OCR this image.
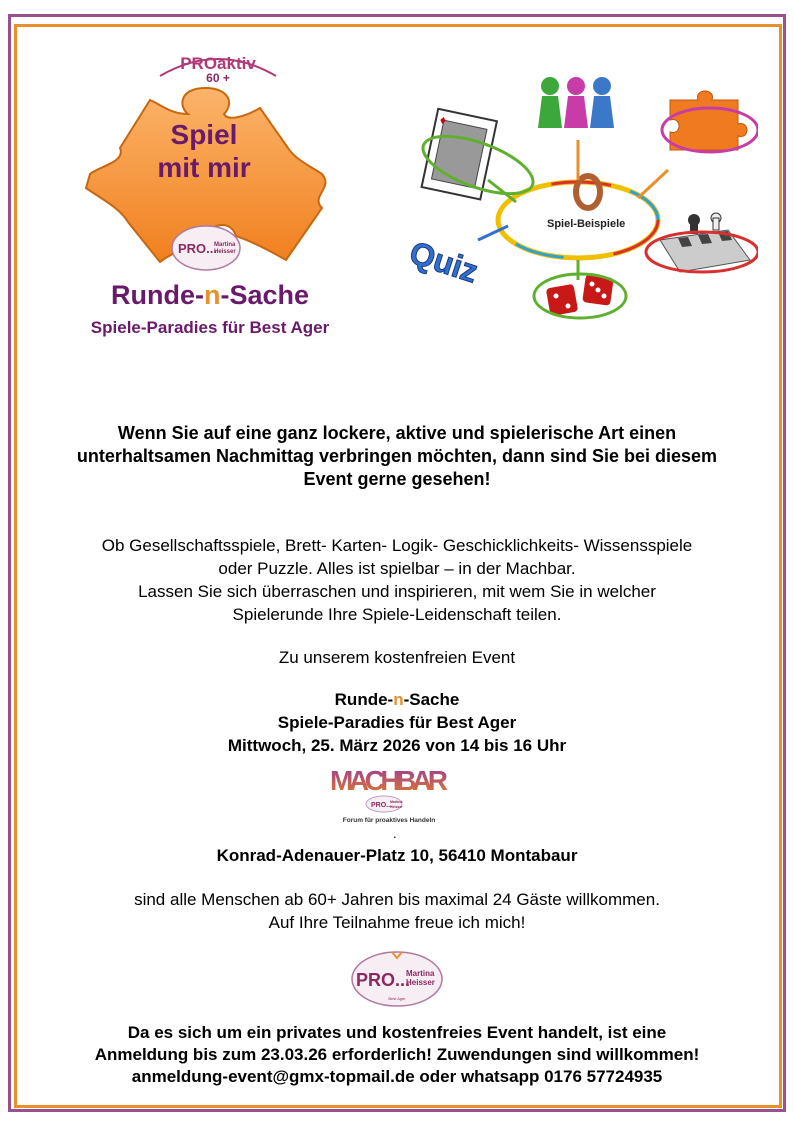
PROaktiv
60 +
Spiel
mit mir
PRO...
Martina
Heisser
Runde-n-Sache
Spiele-Paradies für Best Ager
♦
Quiz
Spiel-Beispiele
Wenn Sie auf eine ganz lockere, aktive und spielerische Art einen
unterhaltsamen Nachmittag verbringen möchten, dann sind Sie bei diesem
Event gerne gesehen!
Ob Gesellschaftsspiele, Brett- Karten- Logik- Geschicklichkeits- Wissensspiele
oder Puzzle. Alles ist spielbar – in der Machbar.
Lassen Sie sich überraschen und inspirieren, mit wem Sie in welcher
Spielerunde Ihre Spiele-Leidenschaft teilen.
Zu unserem kostenfreien Event
Runde-n-Sache
Spiele-Paradies für Best Ager
Mittwoch, 25. März 2026 von 14 bis 16 Uhr
MACHBAR
PRO...
Martina
Heisser
Forum für proaktives Handeln
.
Konrad-Adenauer-Platz 10, 56410 Montabaur
sind alle Menschen ab 60+ Jahren bis maximal 24 Gäste willkommen.
Auf Ihre Teilnahme freue ich mich!
PRO...
Martina
Heisser
Best Ager
Da es sich um ein privates und kostenfreies Event handelt, ist eine
Anmeldung bis zum 23.03.26 erforderlich! Zuwendungen sind willkommen!
anmeldung-event@gmx-topmail.de oder whatsapp 0176 57724935
